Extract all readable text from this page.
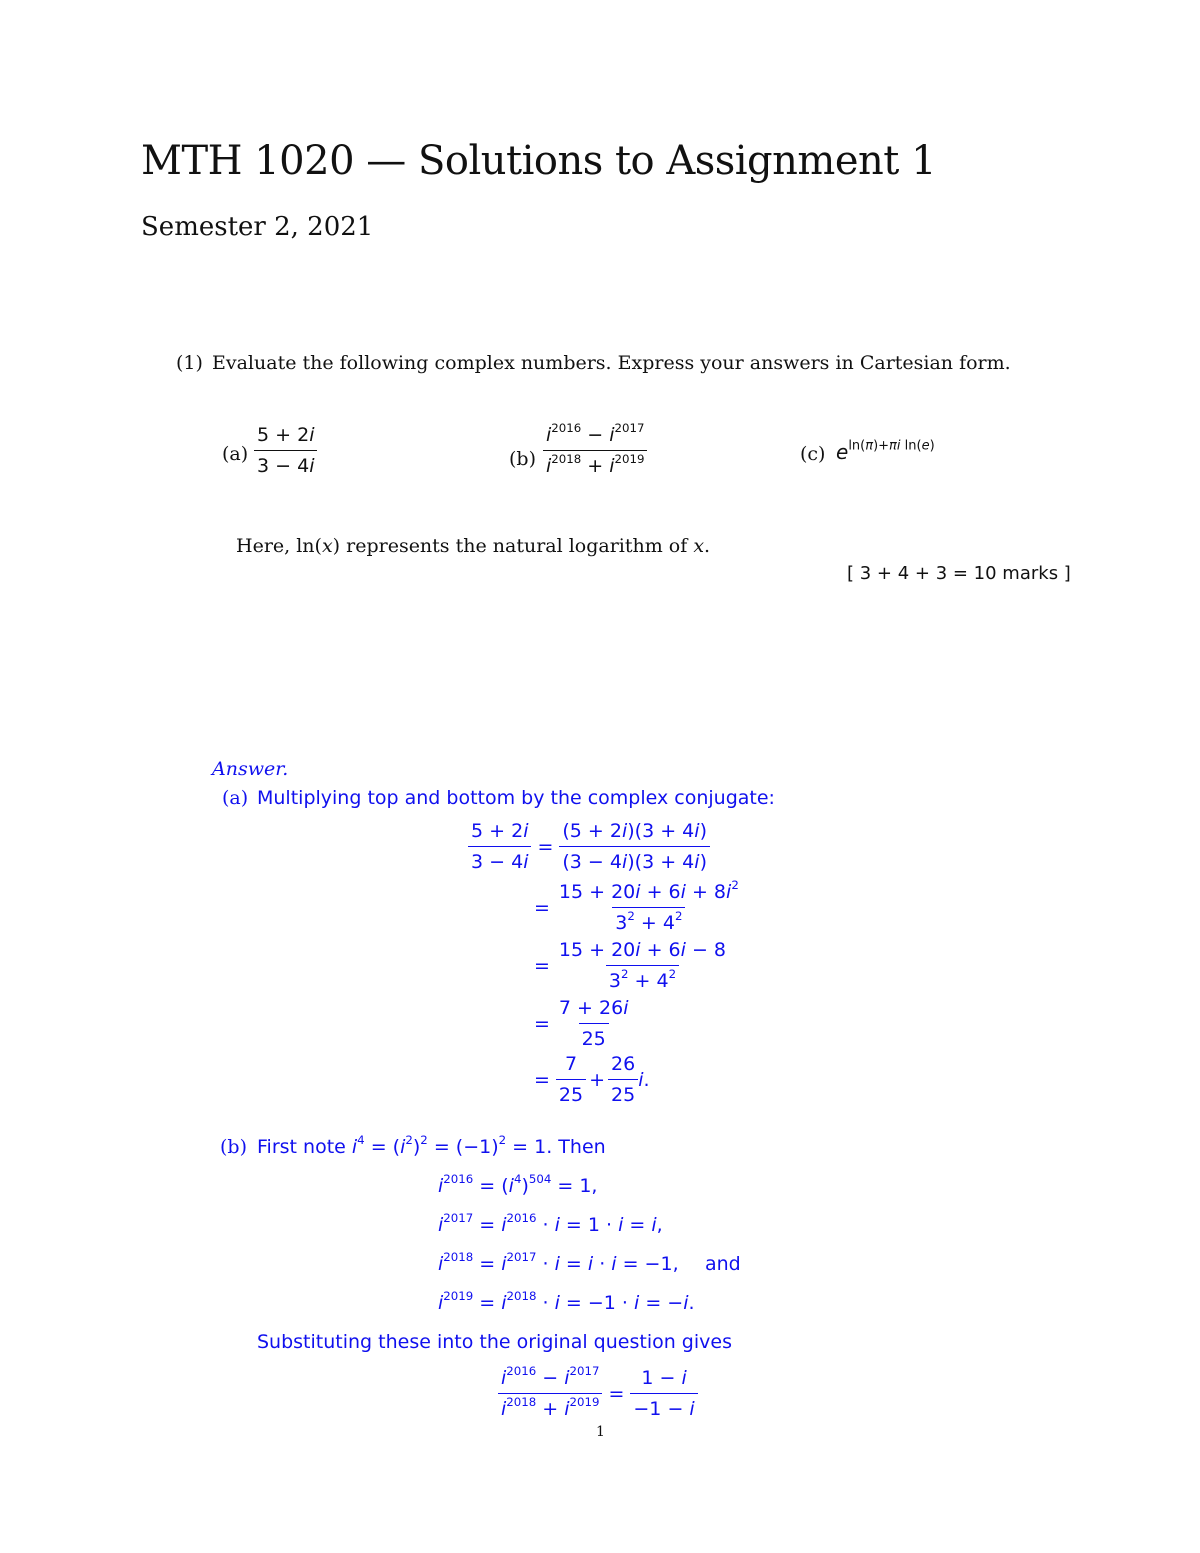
MTH 1020 — Solutions to Assignment 1
Semester 2, 2021
(1) Evaluate the following complex numbers. Express your answers in Cartesian form.
$(a) \frac{5 + 2i}{3 - 4i}$	$(b) \frac{i^{2016} - i^{2017}}{i^{2018} + i^{2019}}$	(c) $e^{ln(\pi)+\pi i ln(e)}$
Here, ln(x) represents the natural logarithm of x.
[ 3 + 4 + 3 = 10 marks ]
Answer.
(a) Multiplying top and bottom by the complex conjugate:
$\frac{5 + 2i}{3 - 4i} = \frac{(5 + 2i)(3 + 4i)}{(3 - 4i)(3 + 4i)}$
= $\frac{15 + 20i + 6i + 8i^2}{3^2 + 4^2}$
= $\frac{15 + 20i + 6i - 8}{3^2 + 4^2}$
= $\frac{7 + 26i}{25}$
= $\frac{7}{25} + \frac{26}{25}$ i .
(b) First note $i^4 = (i^2)^2 = (-1)^2 = 1$. Then
$i^{2016} = (i^4)^{504} = 1$,
$i^{2017} = i^{2016} \cdot i = 1 \cdot i = i$,
$i^{2018} = i^{2017} \cdot i = i \cdot i = -1$, and
$i^{2019} = i^{2018} \cdot i = -1 \cdot i = -i$.
Substituting these into the original question gives
$\frac{i^{2016} - i^{2017}}{i^{2018} + i^{2019}} = \frac{1 - i}{-1 - i}$
1
